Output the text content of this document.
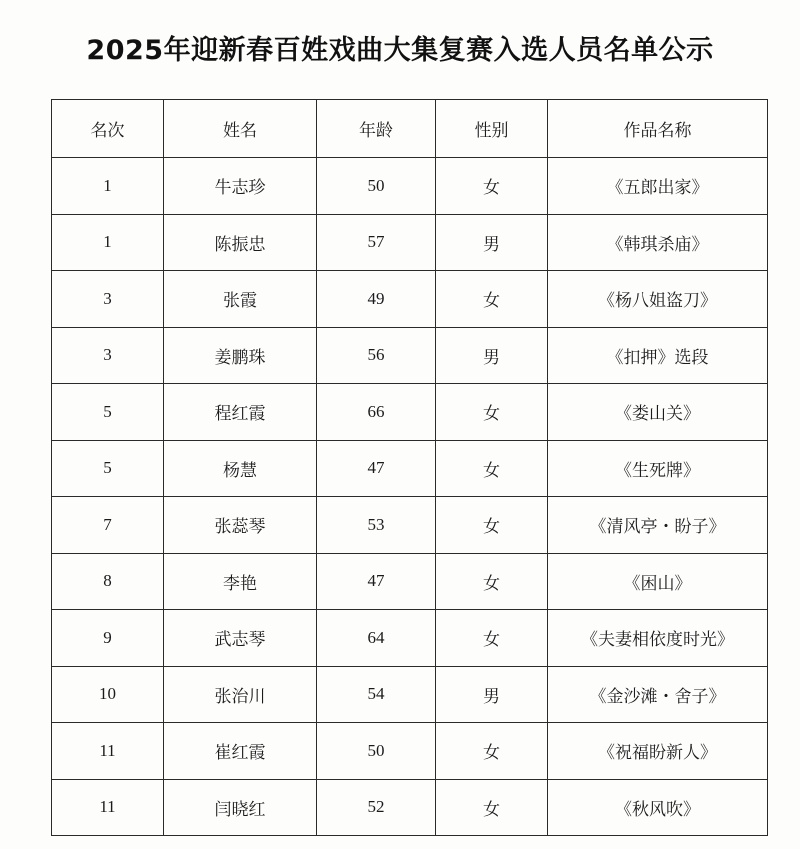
2025年迎新春百姓戏曲大集复赛入选人员名单公示
名次	姓名	年龄	性别	作品名称
1	牛志珍	50	女	《五郎出家》
1	陈振忠	57	男	《韩琪杀庙》
3	张霞	49	女	《杨八姐盗刀》
3	姜鹏珠	56	男	《扣押》选段
5	程红霞	66	女	《娄山关》
5	杨慧	47	女	《生死牌》
7	张蕊琴	53	女	《清风亭・盼子》
8	李艳	47	女	《困山》
9	武志琴	64	女	《夫妻相依度时光》
10	张治川	54	男	《金沙滩・舍子》
11	崔红霞	50	女	《祝福盼新人》
11	闫晓红	52	女	《秋风吹》
